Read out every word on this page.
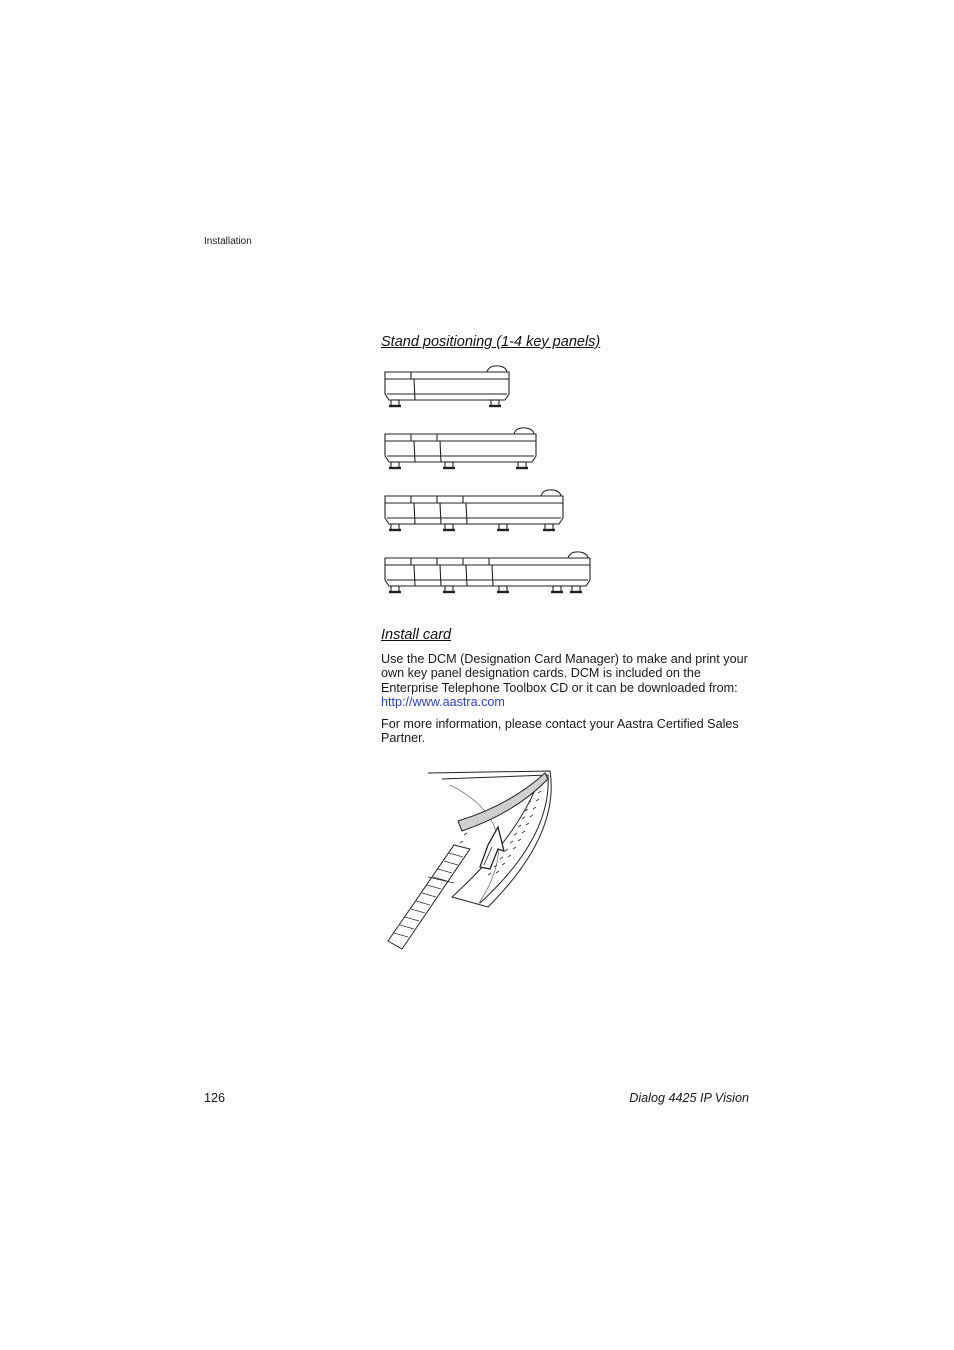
Installation
Stand positioning (1-4 key panels)
Install card

Use the DCM (Designation Card Manager) to make and print your own key panel designation cards. DCM is included on the Enterprise Telephone Toolbox CD or it can be downloaded from:
http://www.aastra.com

For more information, please contact your Aastra Certified Sales Partner.

126	Dialog 4425 IP Vision
